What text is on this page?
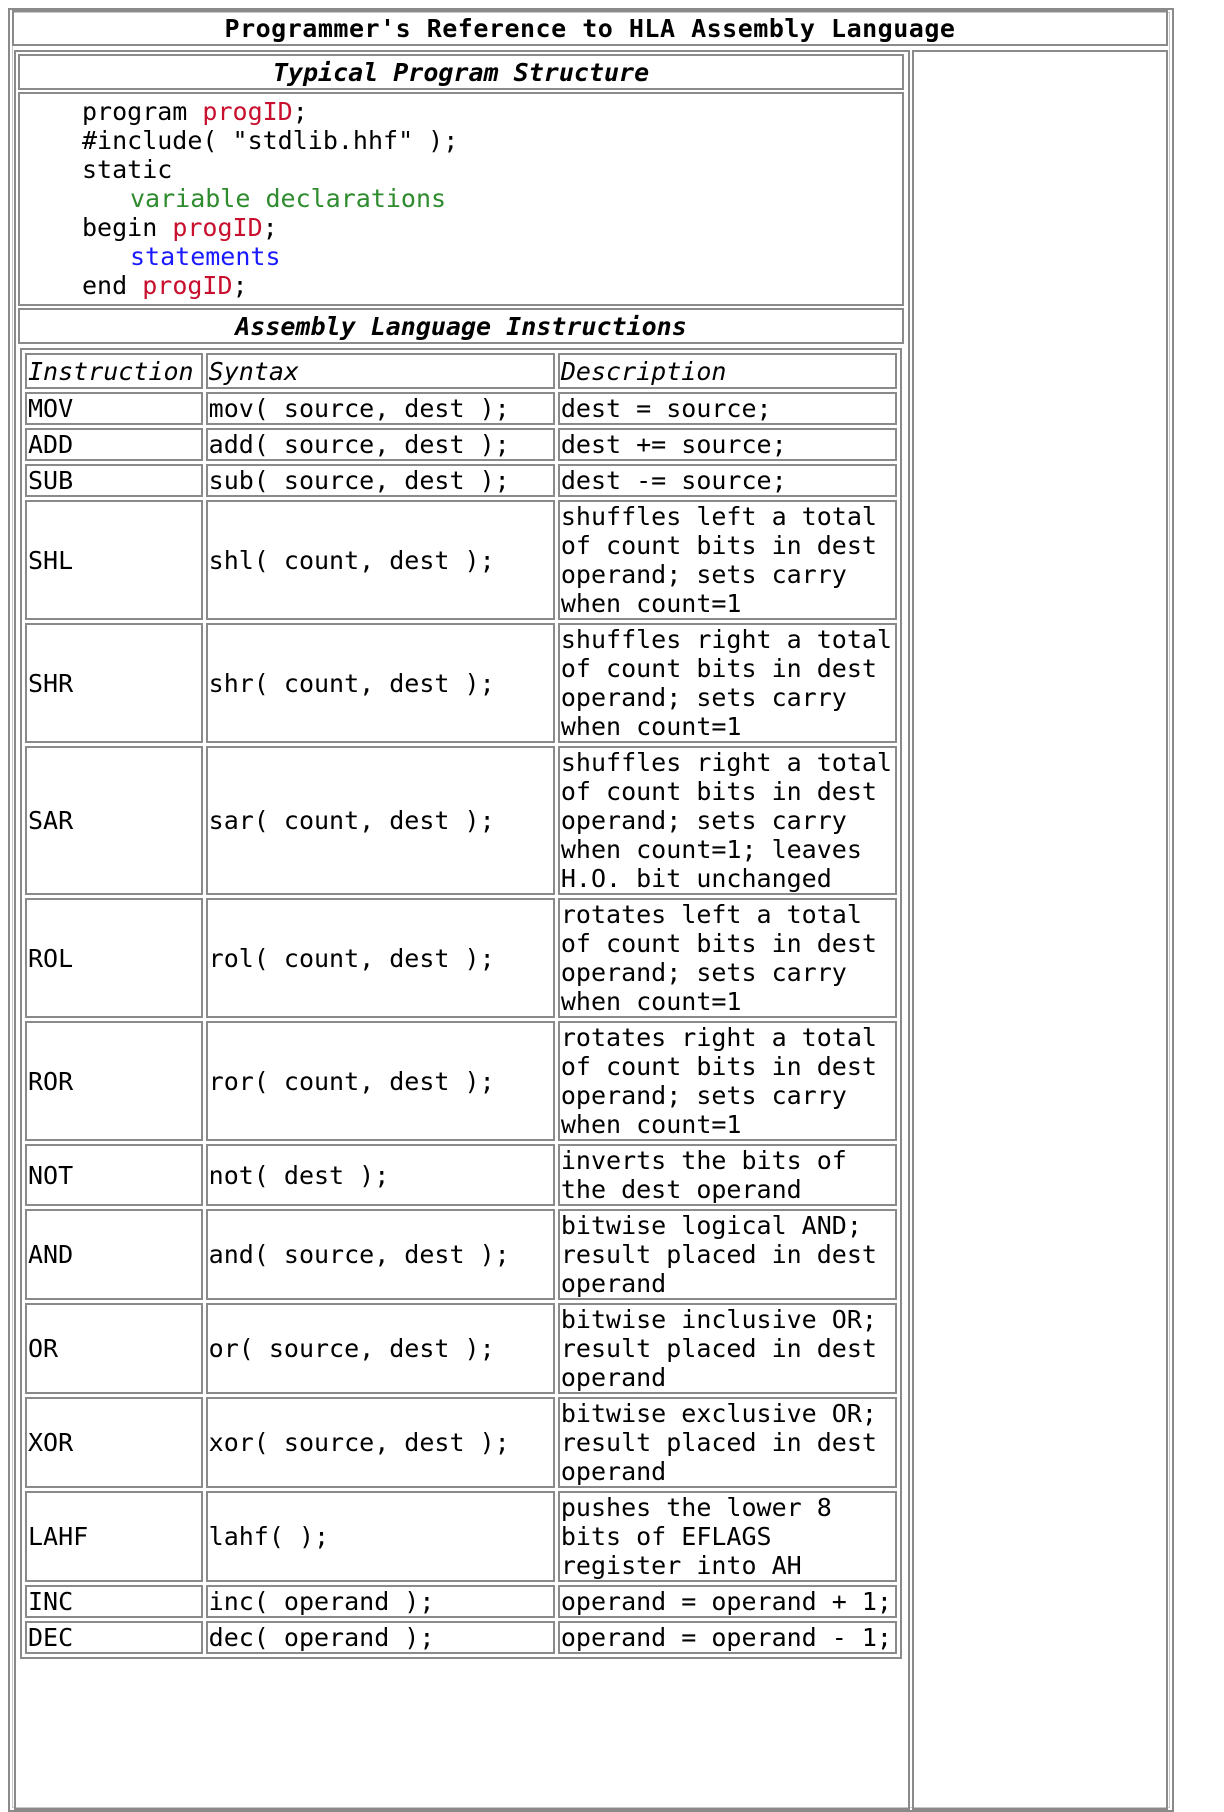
Programmer's Reference to HLA Assembly Language
Typical Program Structure
program progID;
#include( "stdlib.hhf" );
static
variable declarations
begin progID;
statements
end progID;
Assembly Language Instructions
Instruction	Syntax	Description
MOV	mov( source, dest );	dest = source;
ADD	add( source, dest );	dest += source;
SUB	sub( source, dest );	dest -= source;
SHL	shl( count, dest );	shuffles left a total of count bits in dest operand; sets carry when count=1
SHR	shr( count, dest );	shuffles right a total of count bits in dest operand; sets carry when count=1
SAR	sar( count, dest );	shuffles right a total of count bits in dest operand; sets carry when count=1; leaves H.O. bit unchanged
ROL	rol( count, dest );	rotates left a total of count bits in dest operand; sets carry when count=1
ROR	ror( count, dest );	rotates right a total of count bits in dest operand; sets carry when count=1
NOT	not( dest );	inverts the bits of the dest operand
AND	and( source, dest );	bitwise logical AND; result placed in dest operand
OR	or( source, dest );	bitwise inclusive OR; result placed in dest operand
XOR	xor( source, dest );	bitwise exclusive OR; result placed in dest operand
LAHF	lahf( );	pushes the lower 8 bits of EFLAGS register into AH
INC	inc( operand );	operand = operand + 1;
DEC	dec( operand );	operand = operand - 1;
